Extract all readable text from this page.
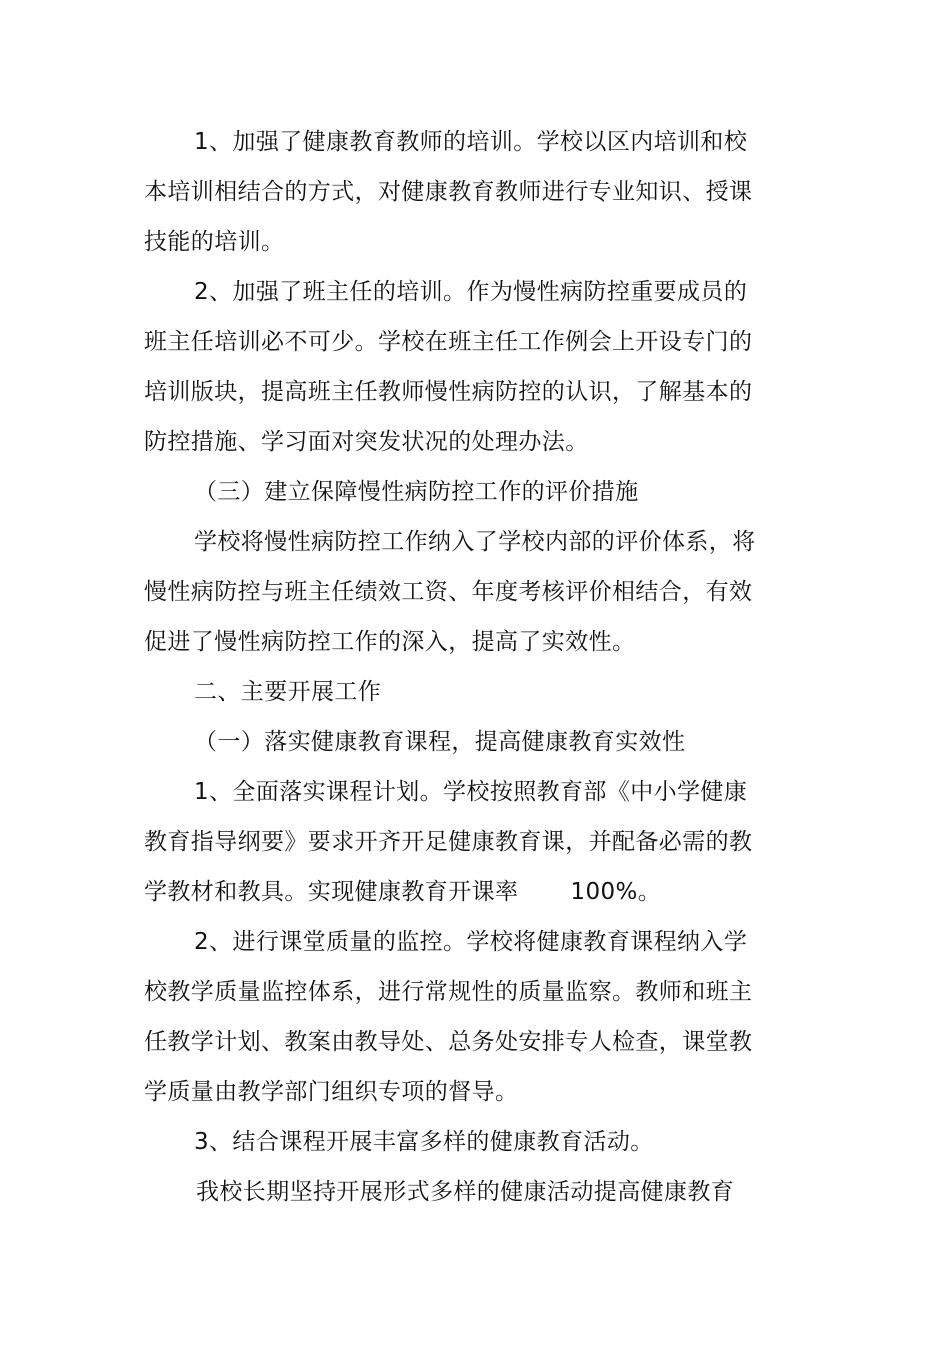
1、加强了健康教育教师的培训。学校以区内培训和校
本培训相结合的方式，对健康教育教师进行专业知识、授课
技能的培训。
2、加强了班主任的培训。作为慢性病防控重要成员的
班主任培训必不可少。学校在班主任工作例会上开设专门的
培训版块，提高班主任教师慢性病防控的认识，了解基本的
防控措施、学习面对突发状况的处理办法。
（三）建立保障慢性病防控工作的评价措施
学校将慢性病防控工作纳入了学校内部的评价体系，将
慢性病防控与班主任绩效工资、年度考核评价相结合，有效
促进了慢性病防控工作的深入，提高了实效性。
二、主要开展工作
（一）落实健康教育课程，提高健康教育实效性
1、全面落实课程计划。学校按照教育部《中小学健康
教育指导纲要》要求开齐开足健康教育课，并配备必需的教
学教材和教具。实现健康教育开课率 100%。
2、进行课堂质量的监控。学校将健康教育课程纳入学
校教学质量监控体系，进行常规性的质量监察。教师和班主
任教学计划、教案由教导处、总务处安排专人检查，课堂教
学质量由教学部门组织专项的督导。
3、结合课程开展丰富多样的健康教育活动。
我校长期坚持开展形式多样的健康活动提高健康教育
